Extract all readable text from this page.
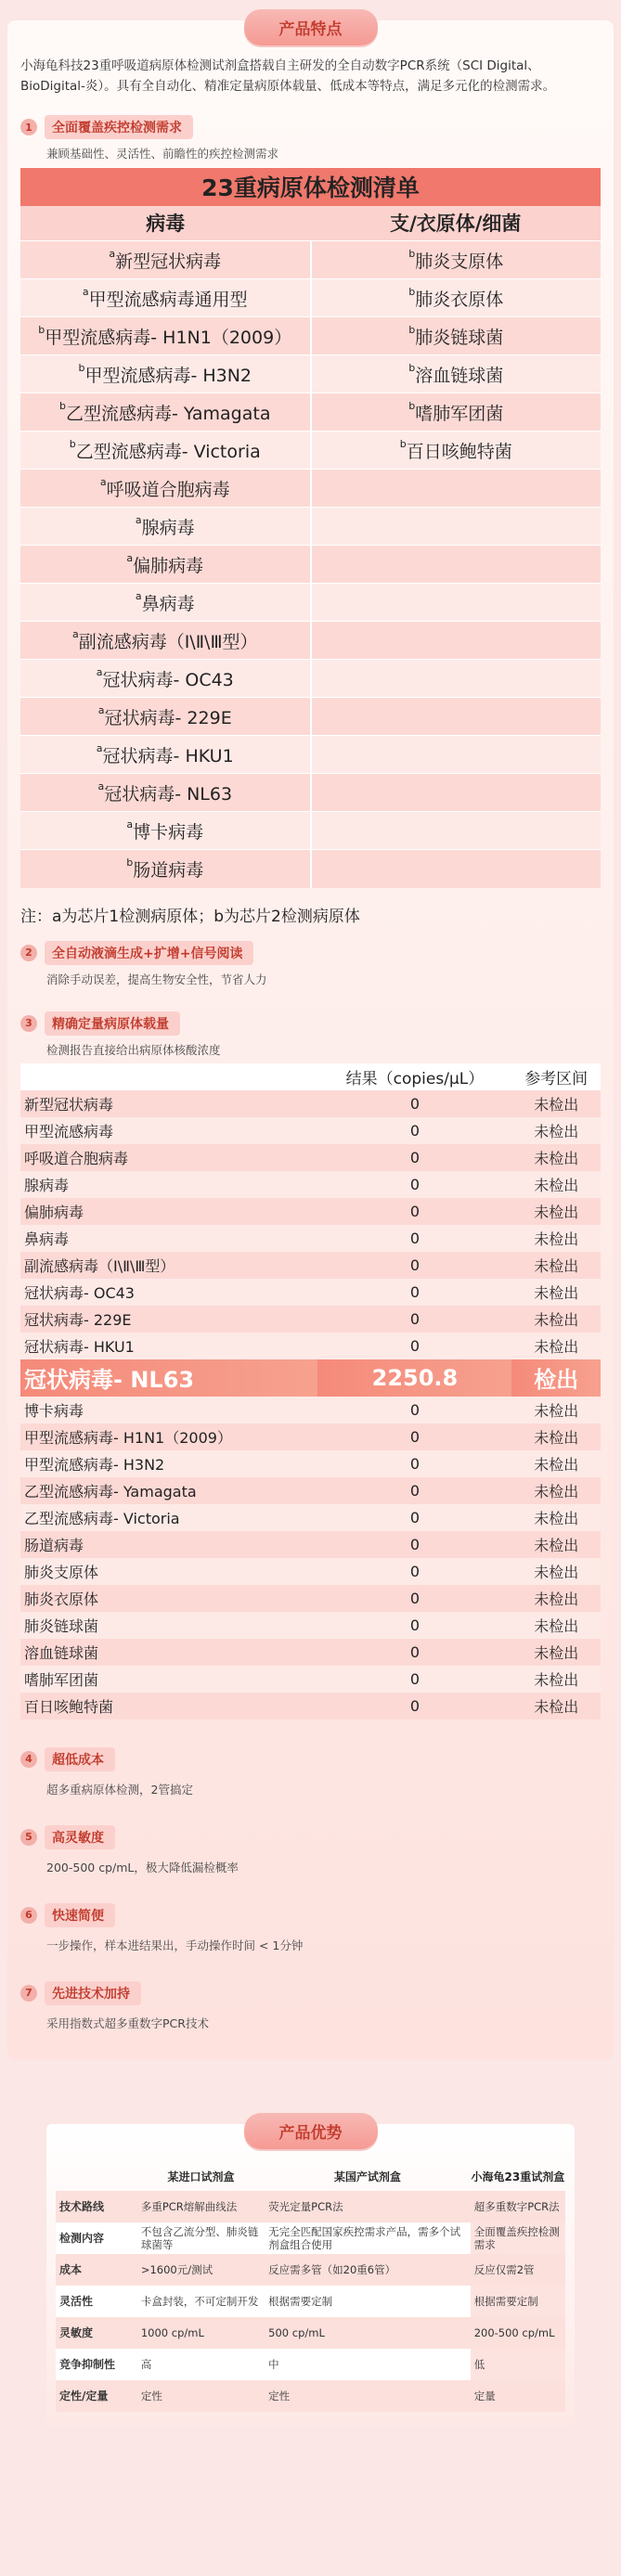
产品特点

小海龟科技23重呼吸道病原体检测试剂盒搭载自主研发的全自动数字PCR系统（SCI Digital、BioDigital-炎）。具有全自动化、精准定量病原体载量、低成本等特点，满足多元化的检测需求。

1	全面覆盖疾控检测需求
兼顾基础性、灵活性、前瞻性的疾控检测需求
23重病原体检测清单	
病毒	支/衣原体/细菌
$^a$新型冠状病毒	$^b$肺炎支原体
$^a$甲型流感病毒通用型	$^b$肺炎衣原体
$^b$甲型流感病毒- H1N1（2009）	$^b$肺炎链球菌
$^b$甲型流感病毒- H3N2	$^b$溶血链球菌
$^b$乙型流感病毒- Yamagata	$^b$嗜肺军团菌
$^b$乙型流感病毒- Victoria	$^b$百日咳鲍特菌
$^a$呼吸道合胞病毒	
$^a$腺病毒	
$^a$偏肺病毒	
$^a$鼻病毒	
$^a$副流感病毒（Ⅰ\Ⅱ\Ⅲ型）	
$^a$冠状病毒- OC43	
$^a$冠状病毒- 229E	
$^a$冠状病毒- HKU1	
$^a$冠状病毒- NL63	
$^a$博卡病毒	
$^b$肠道病毒	

注：a为芯片1检测病原体；b为芯片2检测病原体

2	全自动液滴生成+扩增+信号阅读
消除手动误差，提高生物安全性，节省人力
3	精确定量病原体载量
检测报告直接给出病原体核酸浓度
	结果（copies/μL）	参考区间
新型冠状病毒	0	未检出
甲型流感病毒	0	未检出
呼吸道合胞病毒	0	未检出
腺病毒	0	未检出
偏肺病毒	0	未检出
鼻病毒	0	未检出
副流感病毒（Ⅰ\Ⅱ\Ⅲ型）	0	未检出
冠状病毒- OC43	0	未检出
冠状病毒- 229E	0	未检出
冠状病毒- HKU1	0	未检出
冠状病毒- NL63	2250.8	检出
博卡病毒	0	未检出
甲型流感病毒- H1N1（2009）	0	未检出
甲型流感病毒- H3N2	0	未检出
乙型流感病毒- Yamagata	0	未检出
乙型流感病毒- Victoria	0	未检出
肠道病毒	0	未检出
肺炎支原体	0	未检出
肺炎衣原体	0	未检出
肺炎链球菌	0	未检出
溶血链球菌	0	未检出
嗜肺军团菌	0	未检出
百日咳鲍特菌	0	未检出
4	超低成本
超多重病原体检测，2管搞定
5	高灵敏度
200-500 cp/mL，极大降低漏检概率
6	快速简便
一步操作，样本进结果出，手动操作时间 < 1分钟
7	先进技术加持
采用指数式超多重数字PCR技术
产品优势
	某进口试剂盒	某国产试剂盒	小海龟23重试剂盒
技术路线	多重PCR熔解曲线法	荧光定量PCR法	超多重数字PCR法
检测内容	不包含乙流分型、肺炎链球菌等	无完全匹配国家疾控需求产品，需多个试剂盒组合使用	全面覆盖疾控检测需求
成本	>1600元/测试	反应需多管（如20重6管）	反应仅需2管
灵活性	卡盒封装，不可定制开发	根据需要定制	根据需要定制
灵敏度	1000 cp/mL	500 cp/mL	200-500 cp/mL
竞争抑制性	高	中	低
定性/定量	定性	定性	定量
